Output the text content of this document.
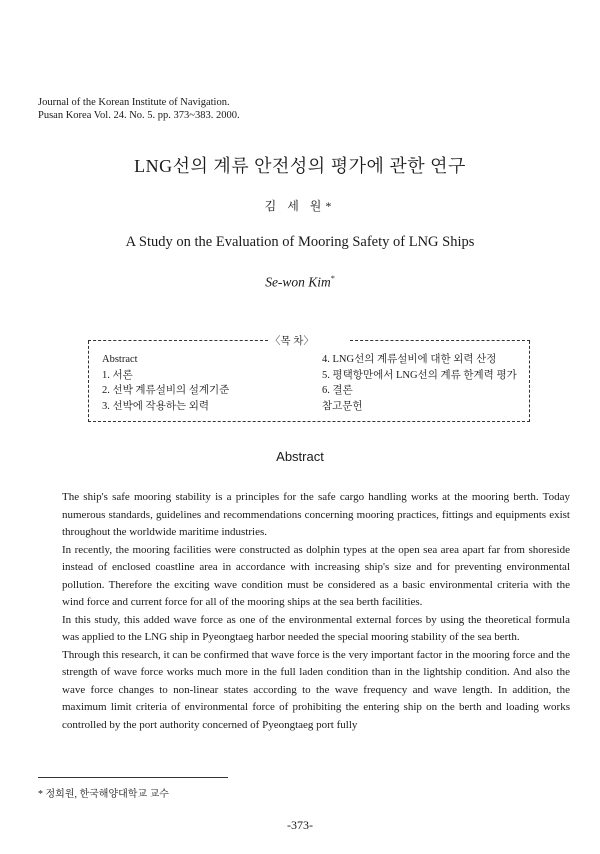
Journal of the Korean Institute of Navigation.
Pusan Korea Vol. 24. No. 5. pp. 373~383. 2000.
LNG선의 계류 안전성의 평가에 관한 연구
김 세 원*
A Study on the Evaluation of Mooring Safety of LNG Ships
Se-won Kim*
〈목 차〉
Abstract
1. 서론
2. 선박 계류설비의 설계기준
3. 선박에 작용하는 외력
4. LNG선의 계류설비에 대한 외력 산정
5. 평택항만에서 LNG선의 계류 한계력 평가
6. 결론
참고문헌
Abstract

The ship's safe mooring stability is a principles for the safe cargo handling works at the mooring berth. Today numerous standards, guidelines and recommendations concerning mooring practices, fittings and equipments exist throughout the worldwide maritime industries.

In recently, the mooring facilities were constructed as dolphin types at the open sea area apart far from shoreside instead of enclosed coastline area in accordance with increasing ship's size and for preventing environmental pollution. Therefore the exciting wave condition must be considered as a basic environmental criteria with the wind force and current force for all of the mooring ships at the sea berth facilities.

In this study, this added wave force as one of the environmental external forces by using the theoretical formula was applied to the LNG ship in Pyeongtaeg harbor needed the special mooring stability of the sea berth.

Through this research, it can be confirmed that wave force is the very important factor in the mooring force and the strength of wave force works much more in the full laden condition than in the lightship condition. And also the wave force changes to non-linear states according to the wave frequency and wave length. In addition, the maximum limit criteria of environmental force of prohibiting the entering ship on the berth and loading works controlled by the port authority concerned of Pyeongtaeg port fully

* 정희원, 한국해양대학교 교수
-373-
